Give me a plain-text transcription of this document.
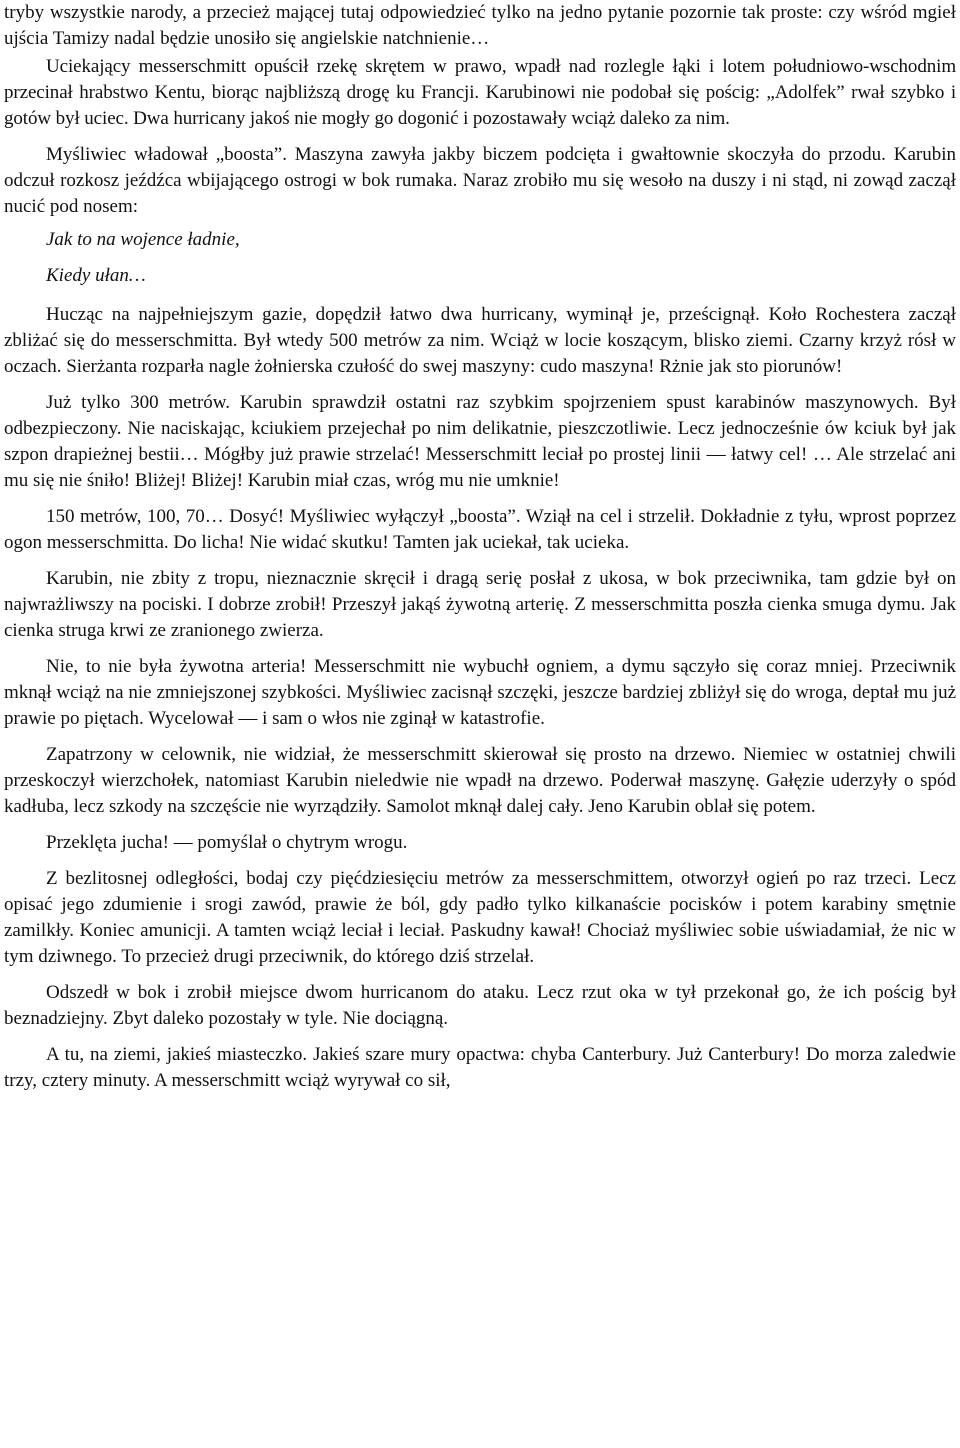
tryby wszystkie narody, a przecież mającej tutaj odpowiedzieć tylko na jedno pytanie pozornie tak proste: czy wśród mgieł ujścia Tamizy nadal będzie unosiło się angielskie natchnienie…

Uciekający messerschmitt opuścił rzekę skrętem w prawo, wpadł nad rozlegle łąki i lotem południowo-wschodnim przecinał hrabstwo Kentu, biorąc najbliższą drogę ku Francji. Karubinowi nie podobał się pościg: „Adolfek” rwał szybko i gotów był uciec. Dwa hurricany jakoś nie mogły go dogonić i pozostawały wciąż daleko za nim.

Myśliwiec władował „boosta”. Maszyna zawyła jakby biczem podcięta i gwałtownie skoczyła do przodu. Karubin odczuł rozkosz jeźdźca wbijającego ostrogi w bok rumaka. Naraz zrobiło mu się wesoło na duszy i ni stąd, ni zowąd zaczął nucić pod nosem:

Jak to na wojence ładnie,
Kiedy ułan…

Hucząc na najpełniejszym gazie, dopędził łatwo dwa hurricany, wyminął je, prześcignął. Koło Rochestera zaczął zbliżać się do messerschmitta. Był wtedy 500 metrów za nim. Wciąż w locie koszącym, blisko ziemi. Czarny krzyż rósł w oczach. Sierżanta rozparła nagle żołnierska czułość do swej maszyny: cudo maszyna! Rżnie jak sto piorunów!

Już tylko 300 metrów. Karubin sprawdził ostatni raz szybkim spojrzeniem spust karabinów maszynowych. Był odbezpieczony. Nie naciskając, kciukiem przejechał po nim delikatnie, pieszczotliwie. Lecz jednocześnie ów kciuk był jak szpon drapieżnej bestii… Mógłby już prawie strzelać! Messerschmitt leciał po prostej linii — łatwy cel! … Ale strzelać ani mu się nie śniło! Bliżej! Bliżej! Karubin miał czas, wróg mu nie umknie!

150 metrów, 100, 70… Dosyć! Myśliwiec wyłączył „boosta”. Wziął na cel i strzelił. Dokładnie z tyłu, wprost poprzez ogon messerschmitta. Do licha! Nie widać skutku! Tamten jak uciekał, tak ucieka.

Karubin, nie zbity z tropu, nieznacznie skręcił i dragą serię posłał z ukosa, w bok przeciwnika, tam gdzie był on najwrażliwszy na pociski. I dobrze zrobił! Przeszył jakąś żywotną arterię. Z messerschmitta poszła cienka smuga dymu. Jak cienka struga krwi ze zranionego zwierza.

Nie, to nie była żywotna arteria! Messerschmitt nie wybuchł ogniem, a dymu sączyło się coraz mniej. Przeciwnik mknął wciąż na nie zmniejszonej szybkości. Myśliwiec zacisnął szczęki, jeszcze bardziej zbliżył się do wroga, deptał mu już prawie po piętach. Wycelował — i sam o włos nie zginął w katastrofie.

Zapatrzony w celownik, nie widział, że messerschmitt skierował się prosto na drzewo. Niemiec w ostatniej chwili przeskoczył wierzchołek, natomiast Karubin nieledwie nie wpadł na drzewo. Poderwał maszynę. Gałęzie uderzyły o spód kadłuba, lecz szkody na szczęście nie wyrządziły. Samolot mknął dalej cały. Jeno Karubin oblał się potem.

Przeklęta jucha! — pomyślał o chytrym wrogu.

Z bezlitosnej odległości, bodaj czy pięćdziesięciu metrów za messerschmittem, otworzył ogień po raz trzeci. Lecz opisać jego zdumienie i srogi zawód, prawie że ból, gdy padło tylko kilkanaście pocisków i potem karabiny smętnie zamilkły. Koniec amunicji. A tamten wciąż leciał i leciał. Paskudny kawał! Chociaż myśliwiec sobie uświadamiał, że nic w tym dziwnego. To przecież drugi przeciwnik, do którego dziś strzelał.

Odszedł w bok i zrobił miejsce dwom hurricanom do ataku. Lecz rzut oka w tył przekonał go, że ich pościg był beznadziejny. Zbyt daleko pozostały w tyle. Nie dociągną.

A tu, na ziemi, jakieś miasteczko. Jakieś szare mury opactwa: chyba Canterbury. Już Canterbury! Do morza zaledwie trzy, cztery minuty. A messerschmitt wciąż wyrywał co sił,
